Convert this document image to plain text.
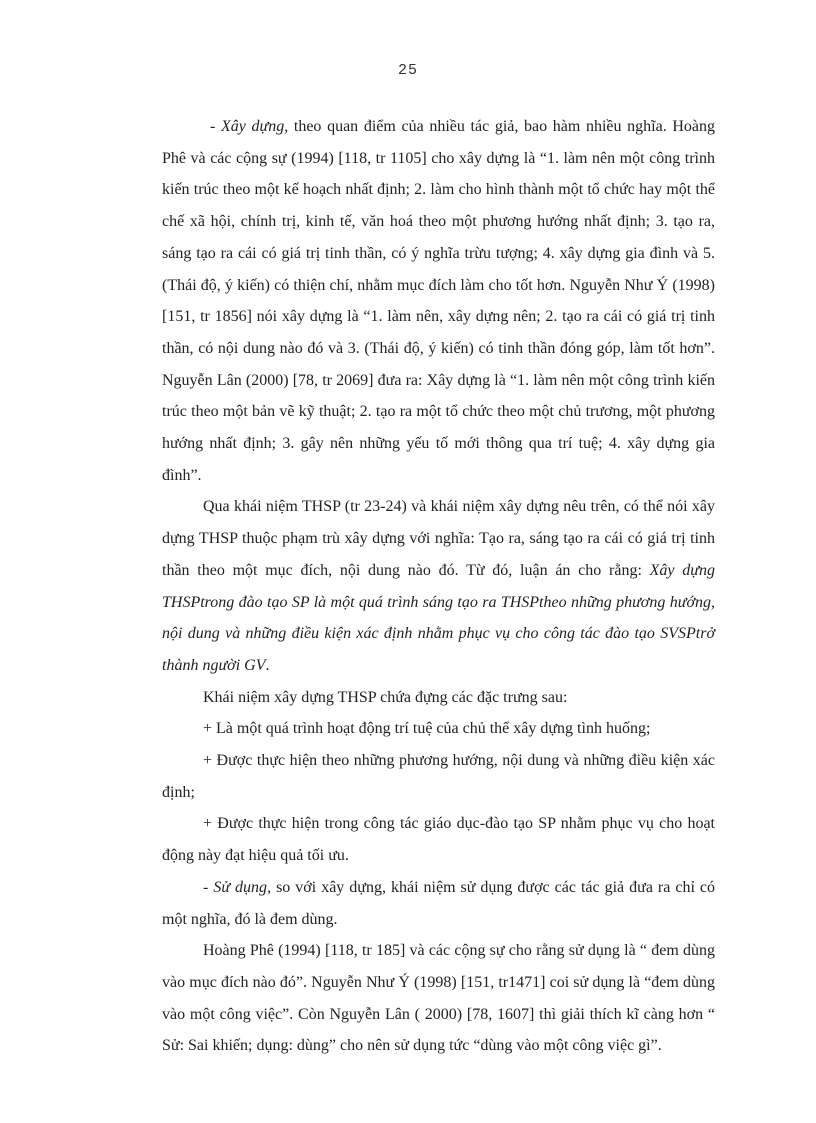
25

- Xây dựng, theo quan điểm của nhiều tác giả, bao hàm nhiều nghĩa. Hoàng Phê và các cộng sự (1994) [118, tr 1105] cho xây dựng là “1. làm nên một công trình kiến trúc theo một kế hoạch nhất định; 2. làm cho hình thành một tổ chức hay một thể chế xã hội, chính trị, kinh tế, văn hoá theo một phương hướng nhất định; 3. tạo ra, sáng tạo ra cái có giá trị tinh thần, có ý nghĩa trừu tượng; 4. xây dựng gia đình và 5. (Thái độ, ý kiến) có thiện chí, nhằm mục đích làm cho tốt hơn. Nguyễn Như Ý (1998) [151, tr 1856] nói xây dựng là “1. làm nên, xây dựng nên; 2. tạo ra cái có giá trị tinh thần, có nội dung nào đó và 3. (Thái độ, ý kiến) có tinh thần đóng góp, làm tốt hơn”. Nguyễn Lân (2000) [78, tr 2069] đưa ra: Xây dựng là “1. làm nên một công trình kiến trúc theo một bản vẽ kỹ thuật; 2. tạo ra một tổ chức theo một chủ trương, một phương hướng nhất định; 3. gây nên những yếu tố mới thông qua trí tuệ; 4. xây dựng gia đình”.

Qua khái niệm THSP (tr 23-24) và khái niệm xây dựng nêu trên, có thể nói xây dựng THSP thuộc phạm trù xây dựng với nghĩa: Tạo ra, sáng tạo ra cái có giá trị tinh thần theo một mục đích, nội dung nào đó. Từ đó, luận án cho rằng: Xây dựng THSPtrong đào tạo SP là một quá trình sáng tạo ra THSPtheo những phương hướng, nội dung và những điều kiện xác định nhằm phục vụ cho công tác đào tạo SVSPtrở thành người GV.

Khái niệm xây dựng THSP chứa đựng các đặc trưng sau:

+ Là một quá trình hoạt động trí tuệ của chủ thể xây dựng tình huống;

+ Được thực hiện theo những phương hướng, nội dung và những điều kiện xác định;

+ Được thực hiện trong công tác giáo dục-đào tạo SP nhằm phục vụ cho hoạt động này đạt hiệu quả tối ưu.

- Sử dụng, so với xây dựng, khái niệm sử dụng được các tác giả đưa ra chỉ có một nghĩa, đó là đem dùng.

Hoàng Phê (1994) [118, tr 185] và các cộng sự cho rằng sử dụng là “ đem dùng vào mục đích nào đó”. Nguyễn Như Ý (1998) [151, tr1471] coi sử dụng là “đem dùng vào một công việc”. Còn Nguyễn Lân ( 2000) [78, 1607] thì giải thích kĩ càng hơn “ Sử: Sai khiến; dụng: dùng” cho nên sử dụng tức “dùng vào một công việc gì”.
